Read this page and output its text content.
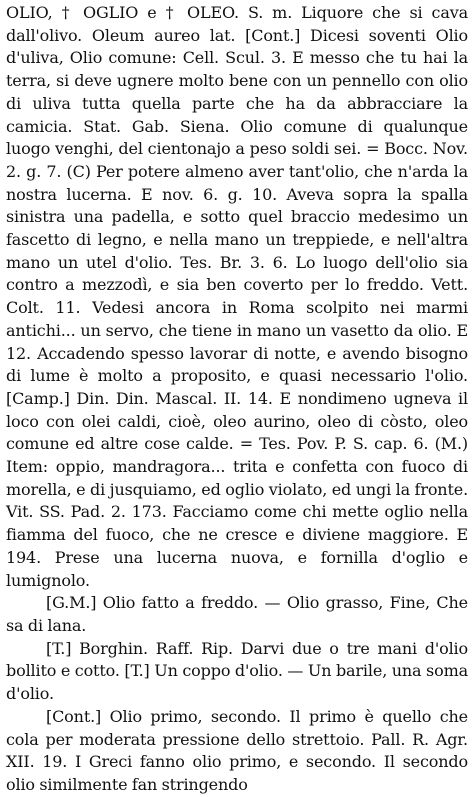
OLIO, † OGLIO e † OLEO. S. m. Liquore che si cava dall'olivo. Oleum aureo lat. [Cont.] Dicesi soventi Olio d'uliva, Olio comune: Cell. Scul. 3. E messo che tu hai la terra, si deve ugnere molto bene con un pennello con olio di uliva tutta quella parte che ha da abbracciare la camicia. Stat. Gab. Siena. Olio comune di qualunque luogo venghi, del cientonajo a peso soldi sei. = Bocc. Nov. 2. g. 7. (C) Per potere almeno aver tant'olio, che n'arda la nostra lucerna. E nov. 6. g. 10. Aveva sopra la spalla sinistra una padella, e sotto quel braccio medesimo un fascetto di legno, e nella mano un treppiede, e nell'altra mano un utel d'olio. Tes. Br. 3. 6. Lo luogo dell'olio sia contro a mezzodì, e sia ben coverto per lo freddo. Vett. Colt. 11. Vedesi ancora in Roma scolpito nei marmi antichi... un servo, che tiene in mano un vasetto da olio. E 12. Accadendo spesso lavorar di notte, e avendo bisogno di lume è molto a proposito, e quasi necessario l'olio. [Camp.] Din. Din. Mascal. II. 14. E nondimeno ugneva il loco con olei caldi, cioè, oleo aurino, oleo di còsto, oleo comune ed altre cose calde. = Tes. Pov. P. S. cap. 6. (M.) Item: oppio, mandragora... trita e confetta con fuoco di morella, e di jusquiamo, ed oglio violato, ed ungi la fronte. Vit. SS. Pad. 2. 173. Facciamo come chi mette oglio nella fiamma del fuoco, che ne cresce e diviene maggiore. E 194. Prese una lucerna nuova, e fornilla d'oglio e lumignolo.

[G.M.] Olio fatto a freddo. — Olio grasso, Fine, Che sa di lana.

[T.] Borghin. Raff. Rip. Darvi due o tre mani d'olio bollito e cotto. [T.] Un coppo d'olio. — Un barile, una soma d'olio.

[Cont.] Olio primo, secondo. Il primo è quello che cola per moderata pressione dello strettoio. Pall. R. Agr. XII. 19. I Greci fanno olio primo, e secondo. Il secondo olio similmente fan stringendo
